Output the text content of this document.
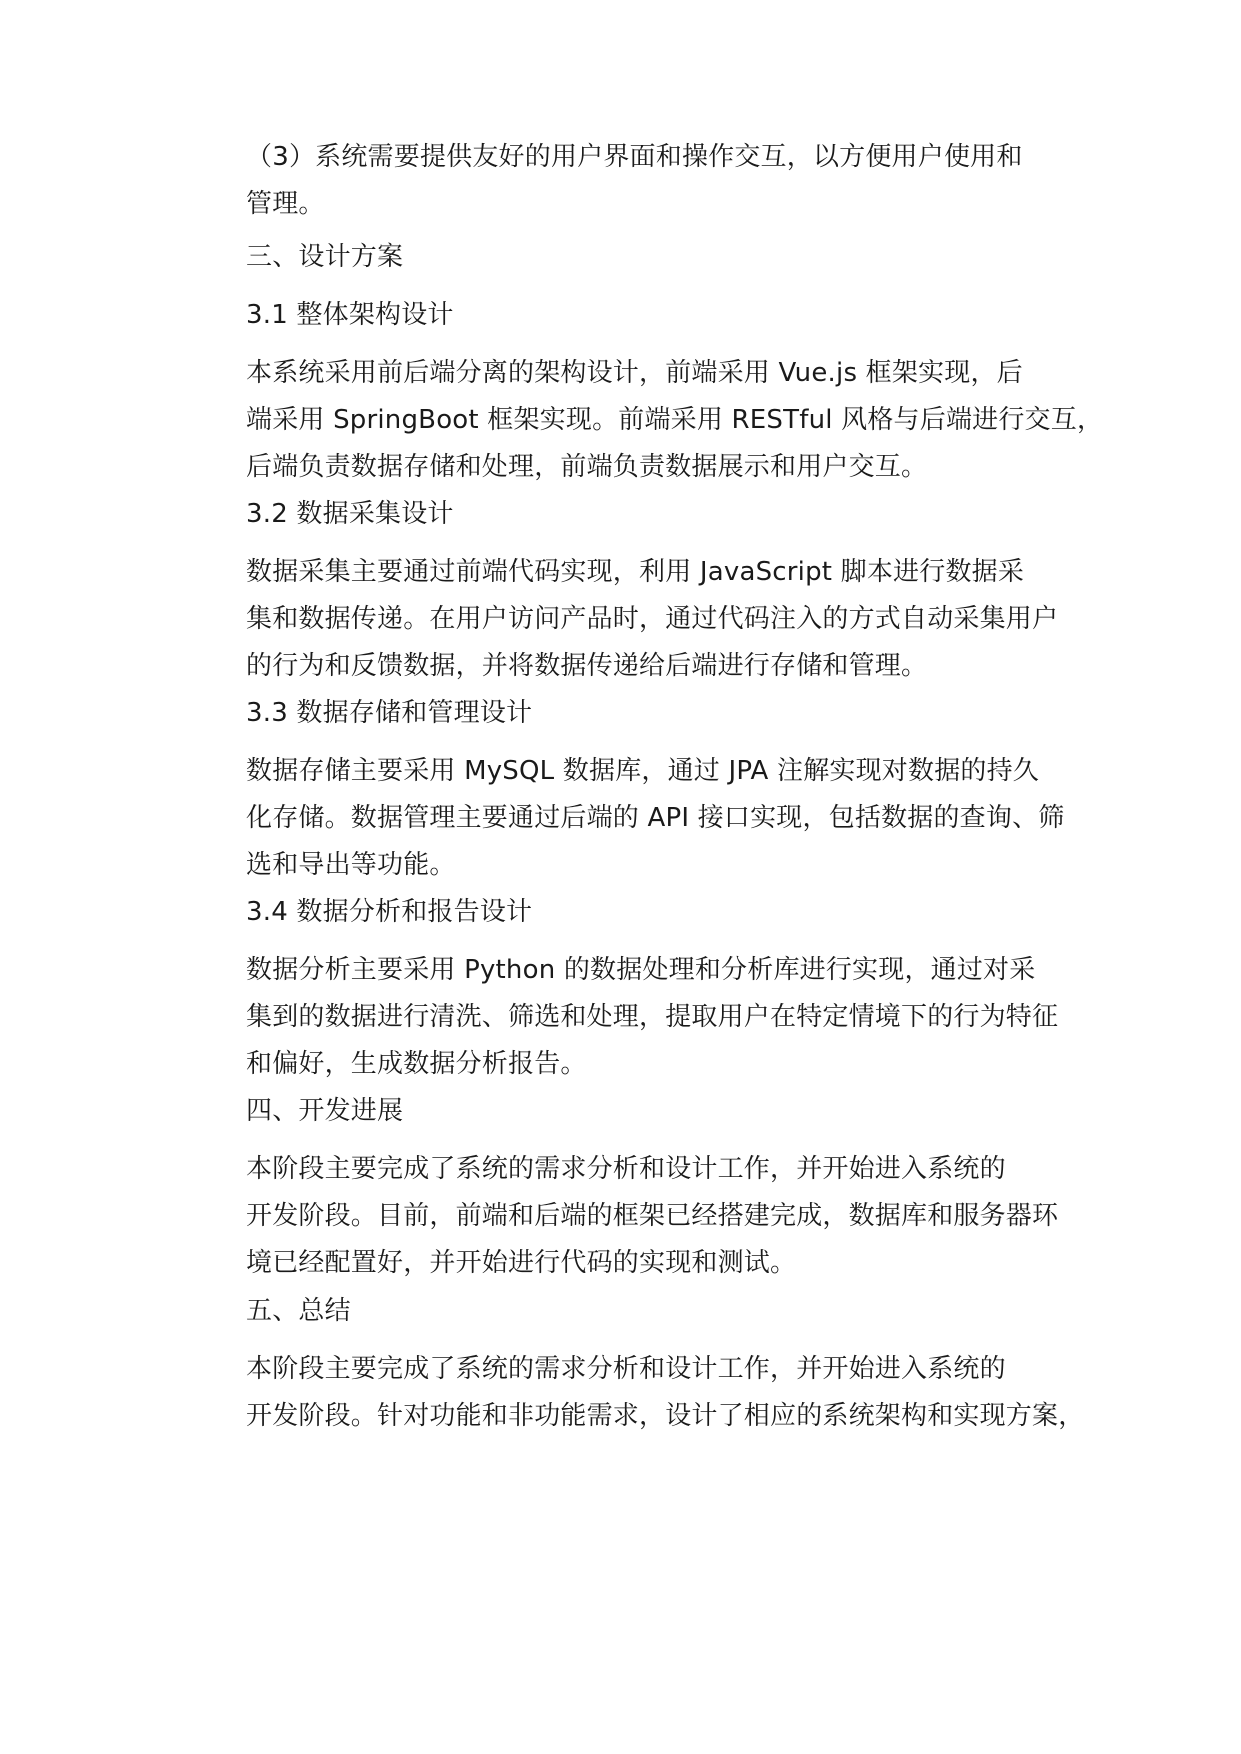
（3）系统需要提供友好的用户界面和操作交互，以方便用户使用和
管理。
三、设计方案
3.1 整体架构设计
本系统采用前后端分离的架构设计，前端采用 Vue.js 框架实现，后
端采用 SpringBoot 框架实现。前端采用 RESTful 风格与后端进行交互，
后端负责数据存储和处理，前端负责数据展示和用户交互。
3.2 数据采集设计
数据采集主要通过前端代码实现，利用 JavaScript 脚本进行数据采
集和数据传递。在用户访问产品时，通过代码注入的方式自动采集用户
的行为和反馈数据，并将数据传递给后端进行存储和管理。
3.3 数据存储和管理设计
数据存储主要采用 MySQL 数据库，通过 JPA 注解实现对数据的持久
化存储。数据管理主要通过后端的 API 接口实现，包括数据的查询、筛
选和导出等功能。
3.4 数据分析和报告设计
数据分析主要采用 Python 的数据处理和分析库进行实现，通过对采
集到的数据进行清洗、筛选和处理，提取用户在特定情境下的行为特征
和偏好，生成数据分析报告。
四、开发进展
本阶段主要完成了系统的需求分析和设计工作，并开始进入系统的
开发阶段。目前，前端和后端的框架已经搭建完成，数据库和服务器环
境已经配置好，并开始进行代码的实现和测试。
五、总结
本阶段主要完成了系统的需求分析和设计工作，并开始进入系统的
开发阶段。针对功能和非功能需求，设计了相应的系统架构和实现方案，
